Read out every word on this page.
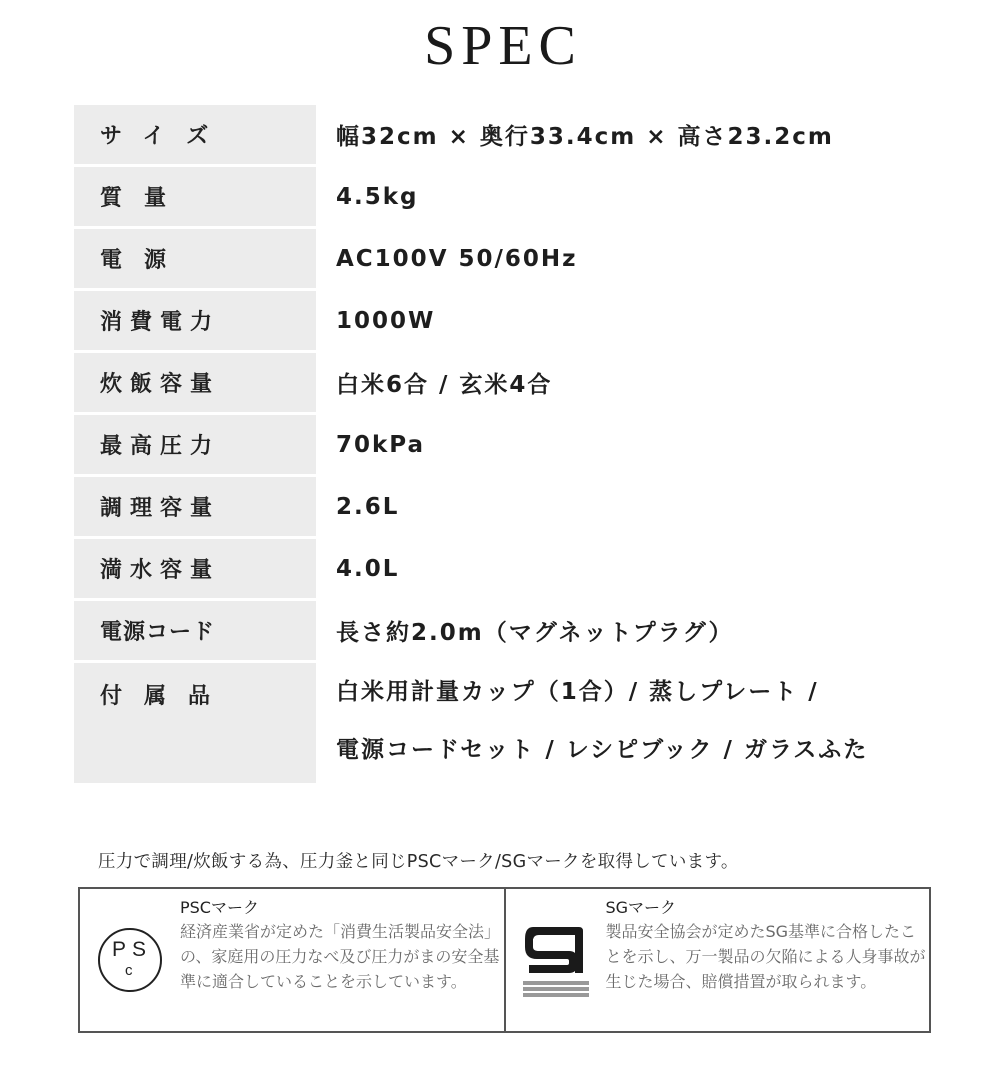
SPEC
サイズ	幅32cm × 奥行33.4cm × 高さ23.2cm
質量	4.5kg
電源	AC100V 50/60Hz
消費電力	1000W
炊飯容量	白米6合 / 玄米4合
最高圧力	70kPa
調理容量	2.6L
満水容量	4.0L
電源コード	長さ約2.0m（マグネットプラグ）
付属品	白米用計量カップ（1合）/ 蒸しプレート /
電源コードセット / レシピブック / ガラスふた
圧力で調理/炊飯する為、圧力釜と同じPSCマーク/SGマークを取得しています。
P S
c
PSCマーク
経済産業省が定めた「消費生活製品安全法」の、家庭用の圧力なべ及び圧力がまの安全基準に適合していることを示しています。
SGマーク
製品安全協会が定めたSG基準に合格したことを示し、万一製品の欠陥による人身事故が生じた場合、賠償措置が取られます。
